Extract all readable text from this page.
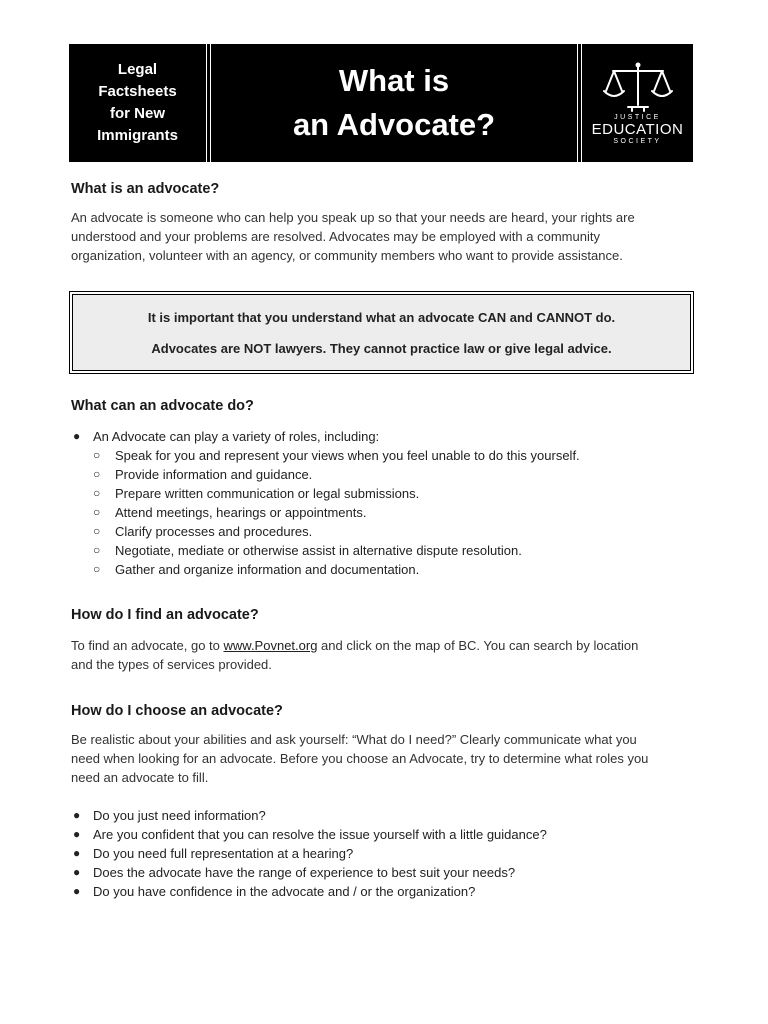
Legal
Factsheets
for New
Immigrants
What is
an Advocate?	JUSTICE
EDUCATION
SOCIETY
What is an advocate?
An advocate is someone who can help you speak up so that your needs are heard, your rights are
understood and your problems are resolved. Advocates may be employed with a community
organization, volunteer with an agency, or community members who want to provide assistance.
It is important that you understand what an advocate CAN and CANNOT do.
Advocates are NOT lawyers. They cannot practice law or give legal advice.
What can an advocate do?
● An Advocate can play a variety of roles, including:
○ Speak for you and represent your views when you feel unable to do this yourself.
○ Provide information and guidance.
○ Prepare written communication or legal submissions.
○ Attend meetings, hearings or appointments.
○ Clarify processes and procedures.
○ Negotiate, mediate or otherwise assist in alternative dispute resolution.
○ Gather and organize information and documentation.
How do I find an advocate?
To find an advocate, go to www.Povnet.org and click on the map of BC. You can search by location
and the types of services provided.
How do I choose an advocate?
Be realistic about your abilities and ask yourself: “What do I need?” Clearly communicate what you
need when looking for an advocate. Before you choose an Advocate, try to determine what roles you
need an advocate to fill.
● Do you just need information?
● Are you confident that you can resolve the issue yourself with a little guidance?
● Do you need full representation at a hearing?
● Does the advocate have the range of experience to best suit your needs?
● Do you have confidence in the advocate and / or the organization?
